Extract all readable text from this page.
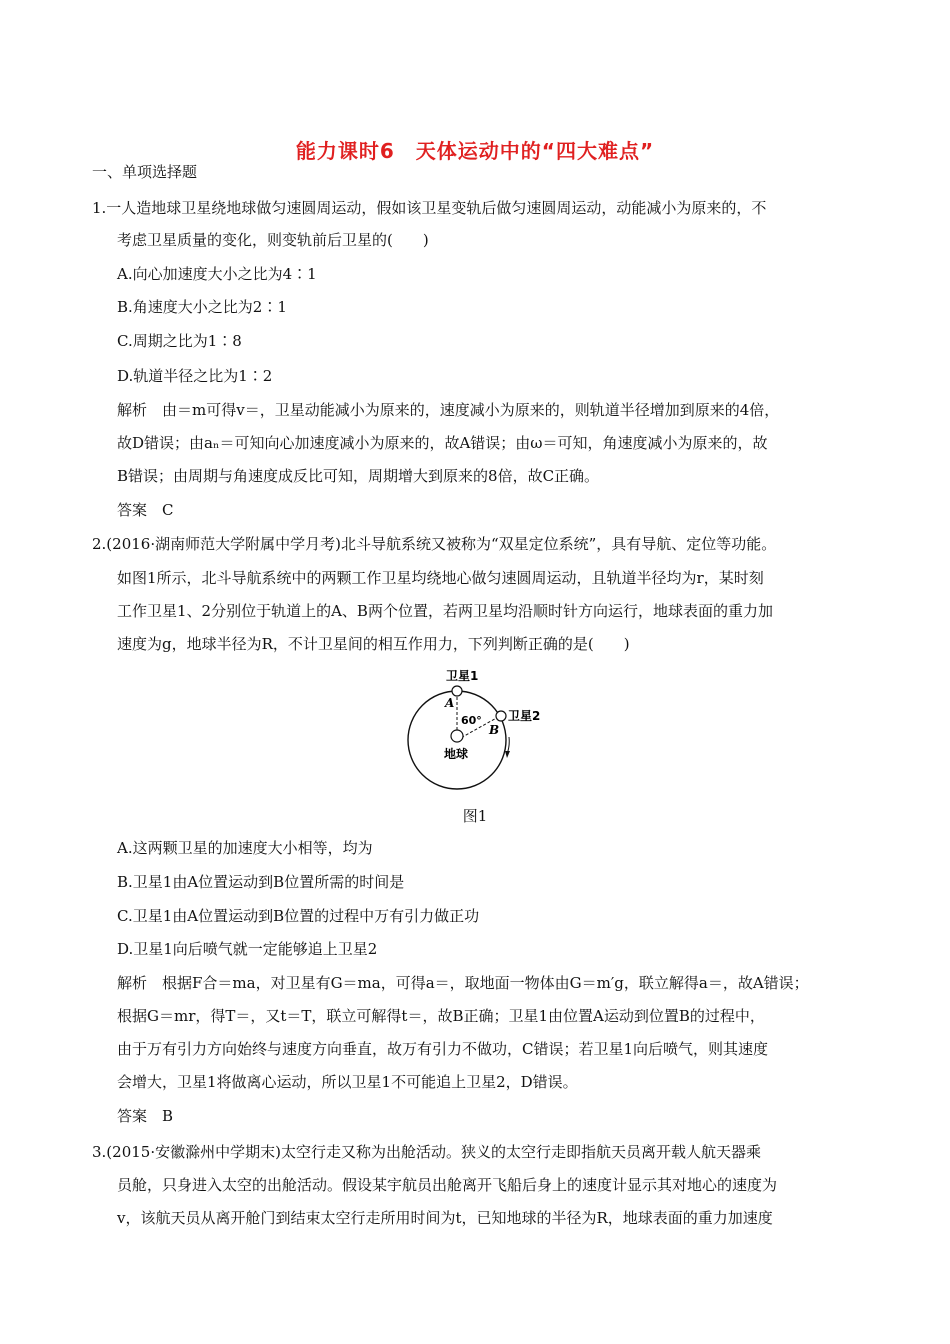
能力课时6　天体运动中的“四大难点”
一、单项选择题
1.一人造地球卫星绕地球做匀速圆周运动，假如该卫星变轨后做匀速圆周运动，动能减小为原来的，不
考虑卫星质量的变化，则变轨前后卫星的(　　)
A.向心加速度大小之比为4∶1
B.角速度大小之比为2∶1
C.周期之比为1∶8
D.轨道半径之比为1∶2
解析　由＝m可得v＝，卫星动能减小为原来的，速度减小为原来的，则轨道半径增加到原来的4倍，
故D错误；由aₙ＝可知向心加速度减小为原来的，故A错误；由ω＝可知，角速度减小为原来的，故
B错误；由周期与角速度成反比可知，周期增大到原来的8倍，故C正确。
答案　C
2.(2016·湖南师范大学附属中学月考)北斗导航系统又被称为“双星定位系统”，具有导航、定位等功能。
如图1所示，北斗导航系统中的两颗工作卫星均绕地心做匀速圆周运动，且轨道半径均为r，某时刻
工作卫星1、2分别位于轨道上的A、B两个位置，若两卫星均沿顺时针方向运行，地球表面的重力加
速度为g，地球半径为R，不计卫星间的相互作用力，下列判断正确的是(　　)
卫星1
卫星2
A
B
60°
地球
图1
A.这两颗卫星的加速度大小相等，均为
B.卫星1由A位置运动到B位置所需的时间是
C.卫星1由A位置运动到B位置的过程中万有引力做正功
D.卫星1向后喷气就一定能够追上卫星2
解析　根据F合＝ma，对卫星有G＝ma，可得a＝，取地面一物体由G＝m′g，联立解得a＝，故A错误；
根据G＝mr，得T＝，又t＝T，联立可解得t＝，故B正确；卫星1由位置A运动到位置B的过程中，
由于万有引力方向始终与速度方向垂直，故万有引力不做功，C错误；若卫星1向后喷气，则其速度
会增大，卫星1将做离心运动，所以卫星1不可能追上卫星2，D错误。
答案　B
3.(2015·安徽滁州中学期末)太空行走又称为出舱活动。狭义的太空行走即指航天员离开载人航天器乘
员舱，只身进入太空的出舱活动。假设某宇航员出舱离开飞船后身上的速度计显示其对地心的速度为
v，该航天员从离开舱门到结束太空行走所用时间为t，已知地球的半径为R，地球表面的重力加速度
